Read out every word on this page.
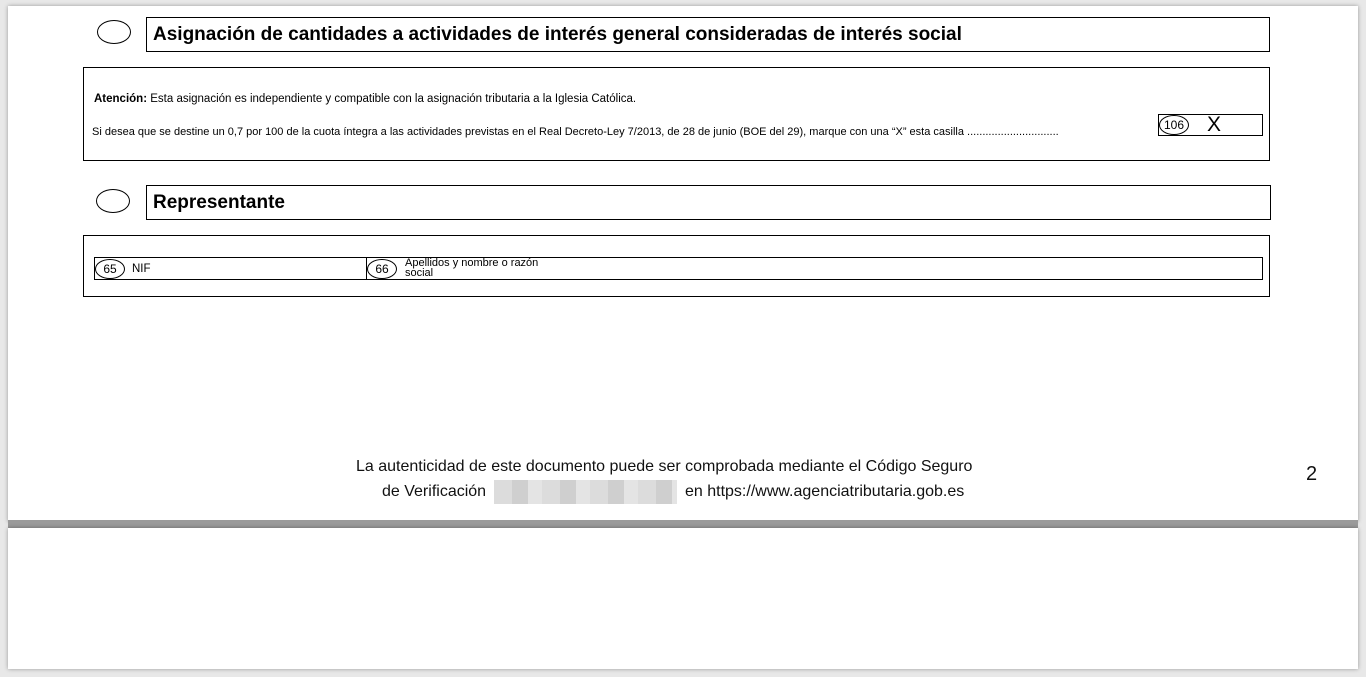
Asignación de cantidades a actividades de interés general consideradas de interés social
Atención: Esta asignación es independiente y compatible con la asignación tributaria a la Iglesia Católica.
Si desea que se destine un 0,7 por 100 de la cuota íntegra a las actividades previstas en el Real Decreto-Ley 7/2013, de 28 de junio (BOE del 29), marque con una “X” esta casilla ..............................	106 X
Representante
65	NIF	66	Apellidos y nombre o razón
social
La autenticidad de este documento puede ser comprobada mediante el Código Seguro
de Verificación	en https://www.agenciatributaria.gob.es
2
